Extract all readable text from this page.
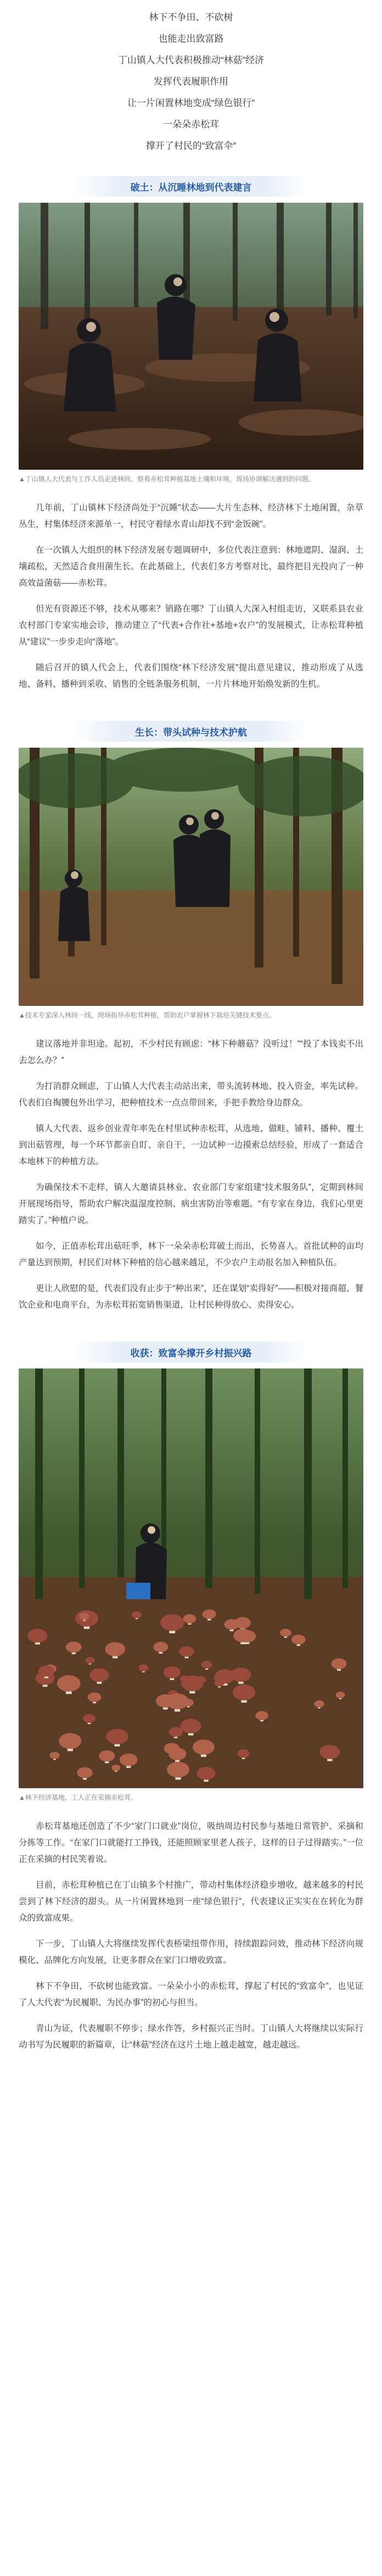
林下不争田、不砍树

也能走出致富路

丁山镇人大代表积极推动“林菇”经济

发挥代表履职作用

让一片闲置林地变成“绿色银行”

一朵朵赤松茸

撑开了村民的“致富伞”

破土：从沉睡林地到代表建言

▲丁山镇人大代表与工作人员走进林间，察看赤松茸种植基地土壤和环境，现场协调解决遇到的问题。

几年前，丁山镇林下经济尚处于“沉睡”状态——大片生态林、经济林下土地闲置，杂草丛生，村集体经济来源单一，村民守着绿水青山却找不到“金饭碗”。

在一次镇人大组织的林下经济发展专题调研中，多位代表注意到：林地遮阴、湿润、土壤疏松，天然适合食用菌生长。在此基础上，代表们多方考察对比，最终把目光投向了一种高效益菌菇——赤松茸。

但光有资源还不够，技术从哪来？销路在哪？丁山镇人大深入村组走访，又联系县农业农村部门专家实地会诊，推动建立了“代表+合作社+基地+农户”的发展模式，让赤松茸种植从“建议”一步步走向“落地”。

随后召开的镇人代会上，代表们围绕“林下经济发展”提出意见建议，推动形成了从选地、备料、播种到采收、销售的全链条服务机制，一片片林地开始焕发新的生机。

生长：带头试种与技术护航

▲技术专家深入林间一线，现场指导赤松茸种植，帮助农户掌握林下栽培关键技术要点。

建议落地并非坦途。起初，不少村民有顾虑：“林下种蘑菇？没听过！”“投了本钱卖不出去怎么办？”

为打消群众顾虑，丁山镇人大代表主动站出来，带头流转林地、投入资金，率先试种。代表们自掏腰包外出学习，把种植技术一点点带回来，手把手教给身边群众。

镇人大代表、返乡创业青年率先在村里试种赤松茸，从选地、做畦、铺料、播种、覆土到出菇管理，每一个环节都亲自盯、亲自干，一边试种一边摸索总结经验，形成了一套适合本地林下的种植方法。

为确保技术不走样，镇人大邀请县林业、农业部门专家组建“技术服务队”，定期到林间开展现场指导，帮助农户解决温湿度控制、病虫害防治等难题。“有专家在身边，我们心里更踏实了。”种植户说。

如今，正值赤松茸出菇旺季，林下一朵朵赤松茸破土而出，长势喜人。首批试种的亩均产量达到预期，村民们对林下种植的信心越来越足，不少农户主动报名加入种植队伍。

更让人欣慰的是，代表们没有止步于“种出来”，还在谋划“卖得好”——积极对接商超、餐饮企业和电商平台，为赤松茸拓宽销售渠道，让村民种得放心、卖得安心。

收获：致富伞撑开乡村振兴路

▲林下经济基地，工人正在采摘赤松茸。

赤松茸基地还创造了不少“家门口就业”岗位，吸纳周边村民参与基地日常管护、采摘和分拣等工作。“在家门口就能打工挣钱，还能照顾家里老人孩子，这样的日子过得踏实。”一位正在采摘的村民笑着说。

目前，赤松茸种植已在丁山镇多个村推广，带动村集体经济稳步增收，越来越多的村民尝到了林下经济的甜头。从一片闲置林地到一座“绿色银行”，代表建议正实实在在转化为群众的致富成果。

下一步，丁山镇人大将继续发挥代表桥梁纽带作用，持续跟踪问效，推动林下经济向规模化、品牌化方向发展，让更多群众在家门口增收致富。

林下不争田，不砍树也能致富。一朵朵小小的赤松茸，撑起了村民的“致富伞”，也见证了人大代表“为民履职、为民办事”的初心与担当。

青山为证，代表履职不停步；绿水作答，乡村振兴正当时。丁山镇人大将继续以实际行动书写为民履职的新篇章，让“林菇”经济在这片土地上越走越宽，越走越远。
